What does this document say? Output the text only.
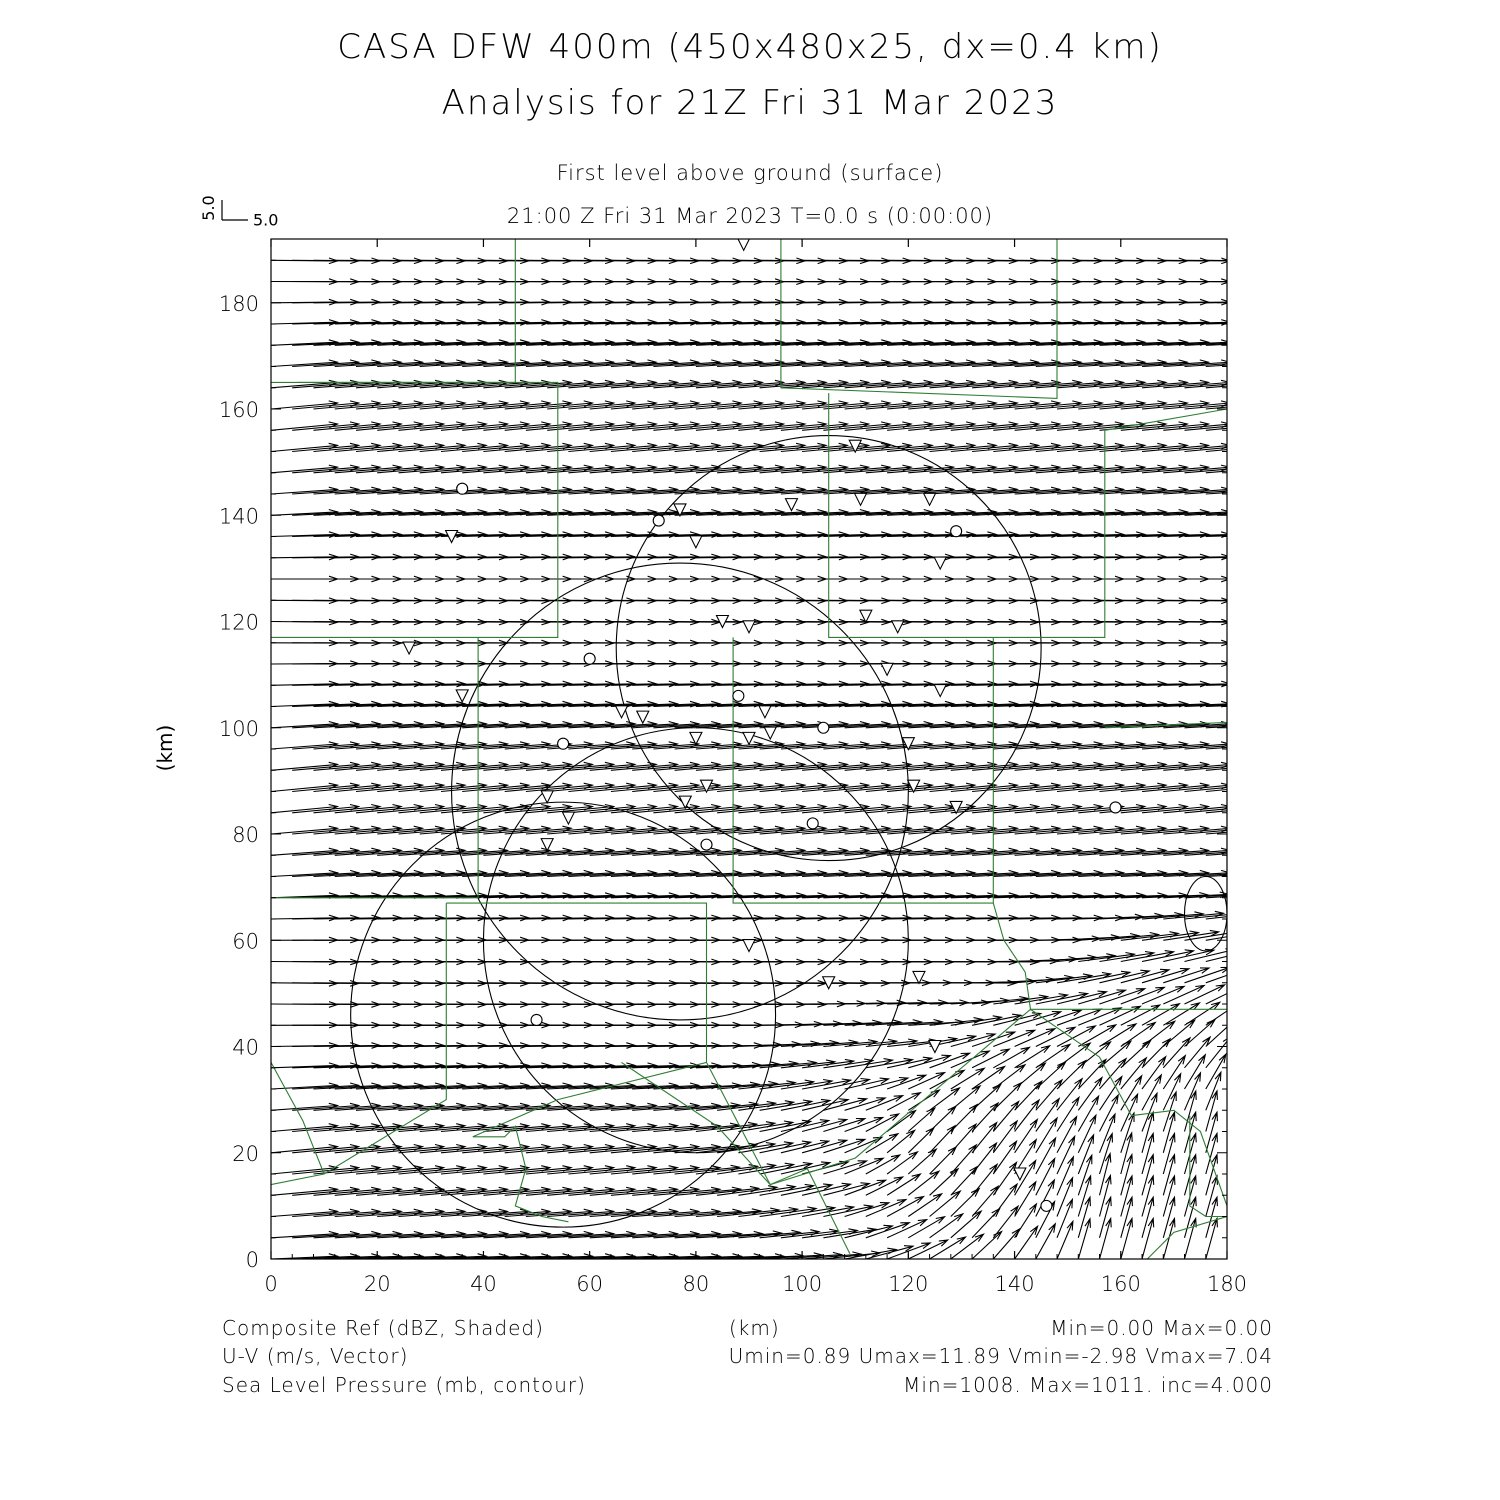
CASA DFW 400m (450x480x25, dx=0.4 km)
Analysis for 21Z Fri 31 Mar 2023
First level above ground (surface)
21:00 Z Fri 31 Mar 2023 T=0.0 s (0:00:00)
0	20	40	60	80	100	120	140	160	180
0
20
40
60
80
100
120
140
160
180
5.0
5.0
(km)
Composite Ref (dBZ, Shaded)
U-V (m/s, Vector)
Sea Level Pressure (mb, contour)
(km)	Min=0.00 Max=0.00
Umin=0.89 Umax=11.89 Vmin=-2.98 Vmax=7.04
Min=1008. Max=1011. inc=4.000
